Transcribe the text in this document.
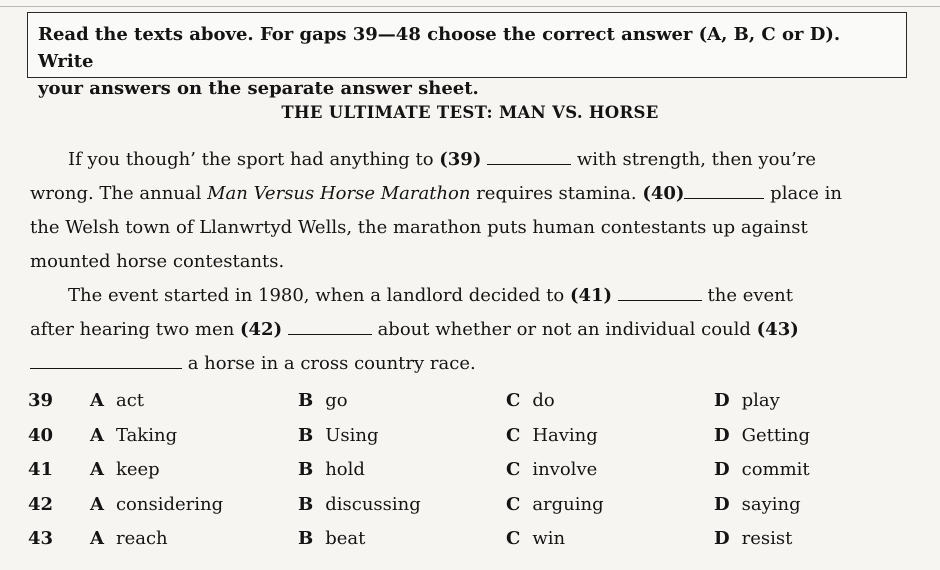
Read the texts above. For gaps 39—48 choose the correct answer (A, B, C or D). Write
your answers on the separate answer sheet.
THE ULTIMATE TEST: MAN VS. HORSE
If you though’ the sport had anything to (39)	with strength, then you’re
wrong. The annual Man Versus Horse Marathon requires stamina. (40)	place in
the Welsh town of Llanwrtyd Wells, the marathon puts human contestants up against
mounted horse contestants.
The event started in 1980, when a landlord decided to (41)	the event
after hearing two men (42)	about whether or not an individual could (43)
a horse in a cross country race.
39 A act	B go	C do	D play
40 A Taking	B Using	C Having	D Getting
41 A keep	B hold	C involve	D commit
42 A considering	B discussing	C arguing	D saying
43 A reach	B beat	C win	D resist
